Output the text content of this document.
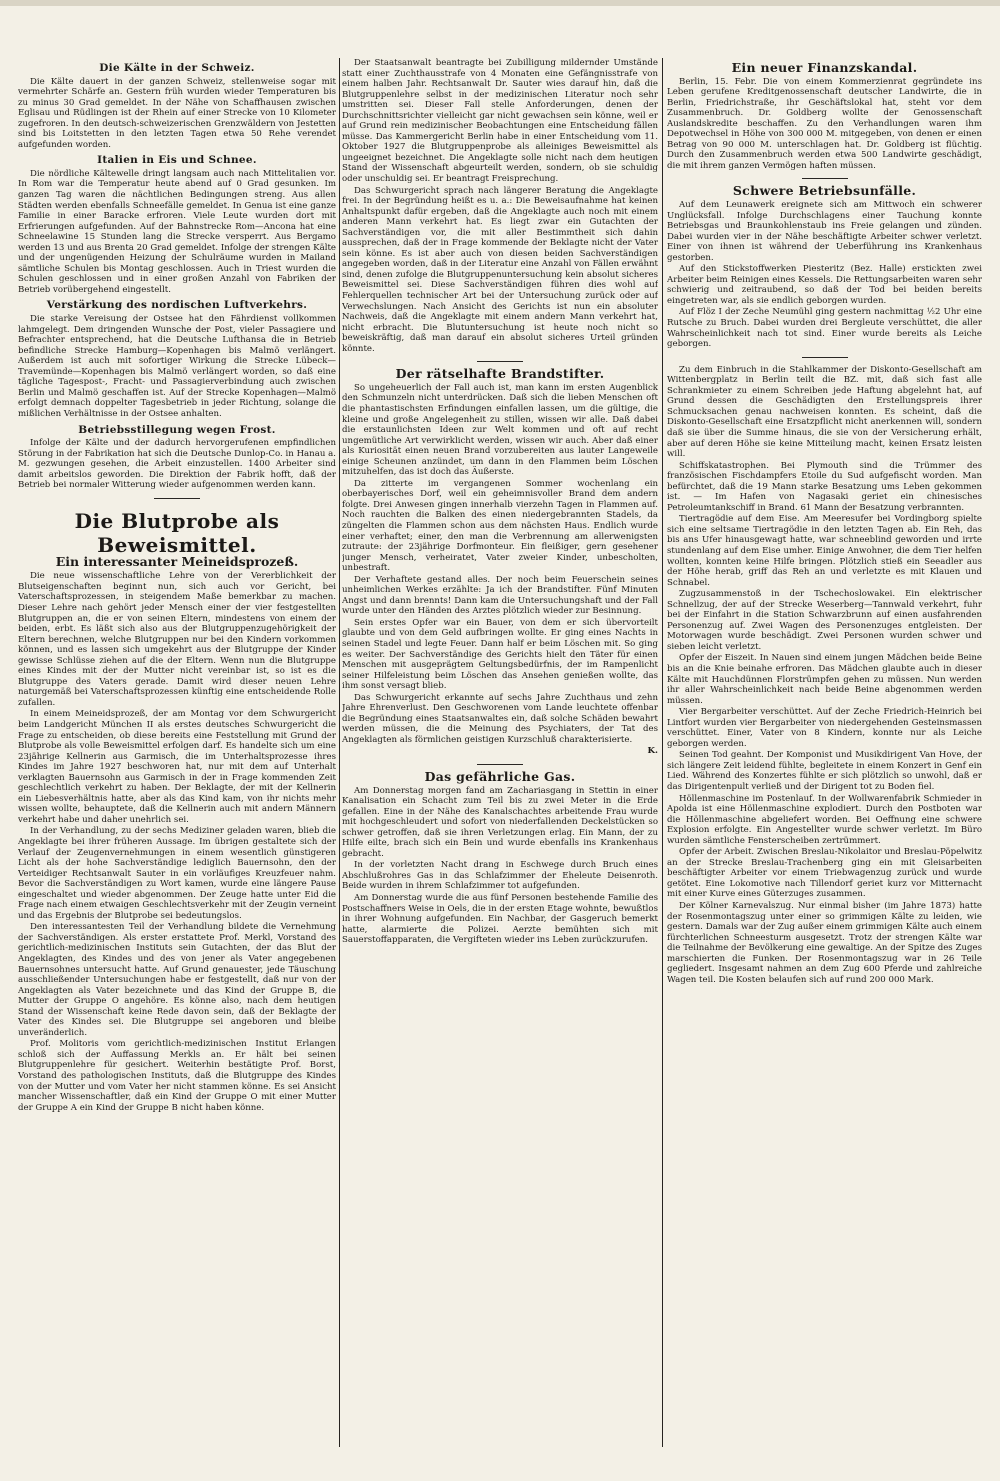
Die Kälte in der Schweiz.

Die Kälte dauert in der ganzen Schweiz, stellenweise sogar mit vermehrter Schärfe an. Gestern früh wurden wieder Temperaturen bis zu minus 30 Grad gemeldet. In der Nähe von Schaffhausen zwischen Eglisau und Rüdlingen ist der Rhein auf einer Strecke von 10 Kilometer zugefroren. In den deutsch-schweizerischen Grenzwäldern von Jestetten sind bis Loitstetten in den letzten Tagen etwa 50 Rehe verendet aufgefunden worden.

Italien in Eis und Schnee.

Die nördliche Kältewelle dringt langsam auch nach Mittelitalien vor. In Rom war die Temperatur heute abend auf 0 Grad gesunken. Im ganzen Tag waren die nächtlichen Bedingungen streng. Aus allen Städten werden ebenfalls Schneefälle gemeldet. In Genua ist eine ganze Familie in einer Baracke erfroren. Viele Leute wurden dort mit Erfrierungen aufgefunden. Auf der Bahnstrecke Rom—Ancona hat eine Schneelawine 15 Stunden lang die Strecke versperrt. Aus Bergamo werden 13 und aus Brenta 20 Grad gemeldet. Infolge der strengen Kälte und der ungenügenden Heizung der Schulräume wurden in Mailand sämtliche Schulen bis Montag geschlossen. Auch in Triest wurden die Schulen geschlossen und in einer großen Anzahl von Fabriken der Betrieb vorübergehend eingestellt.

Verstärkung des nordischen Luftverkehrs.

Die starke Vereisung der Ostsee hat den Fährdienst vollkommen lahmgelegt. Dem dringenden Wunsche der Post, vieler Passagiere und Befrachter entsprechend, hat die Deutsche Lufthansa die in Betrieb befindliche Strecke Hamburg—Kopenhagen bis Malmö verlängert. Außerdem ist auch mit sofortiger Wirkung die Strecke Lübeck—Travemünde—Kopenhagen bis Malmö verlängert worden, so daß eine tägliche Tagespost-, Fracht- und Passagierverbindung auch zwischen Berlin und Malmö geschaffen ist. Auf der Strecke Kopenhagen—Malmö erfolgt demnach doppelter Tagesbetrieb in jeder Richtung, solange die mißlichen Verhältnisse in der Ostsee anhalten.

Betriebsstillegung wegen Frost.

Infolge der Kälte und der dadurch hervorgerufenen empfindlichen Störung in der Fabrikation hat sich die Deutsche Dunlop-Co. in Hanau a. M. gezwungen gesehen, die Arbeit einzustellen. 1400 Arbeiter sind damit arbeitslos geworden. Die Direktion der Fabrik hofft, daß der Betrieb bei normaler Witterung wieder aufgenommen werden kann.

Die Blutprobe als Beweismittel.
Ein interessanter Meineidsprozeß.

Die neue wissenschaftliche Lehre von der Vererblichkeit der Blutseigenschaften beginnt nun, sich auch vor Gericht, bei Vaterschaftsprozessen, in steigendem Maße bemerkbar zu machen. Dieser Lehre nach gehört jeder Mensch einer der vier festgestellten Blutgruppen an, die er von seinen Eltern, mindestens von einem der beiden, erbt. Es läßt sich also aus der Blutgruppenzugehörigkeit der Eltern berechnen, welche Blutgruppen nur bei den Kindern vorkommen können, und es lassen sich umgekehrt aus der Blutgruppe der Kinder gewisse Schlüsse ziehen auf die der Eltern. Wenn nun die Blutgruppe eines Kindes mit der der Mutter nicht vereinbar ist, so ist es die Blutgruppe des Vaters gerade. Damit wird dieser neuen Lehre naturgemäß bei Vaterschaftsprozessen künftig eine entscheidende Rolle zufallen.

In einem Meineidsprozeß, der am Montag vor dem Schwurgericht beim Landgericht München II als erstes deutsches Schwurgericht die Frage zu entscheiden, ob diese bereits eine Feststellung mit Grund der Blutprobe als volle Beweismittel erfolgen darf. Es handelte sich um eine 23jährige Kellnerin aus Garmisch, die im Unterhaltsprozesse ihres Kindes im Jahre 1927 beschworen hat, nur mit dem auf Unterhalt verklagten Bauernsohn aus Garmisch in der in Frage kommenden Zeit geschlechtlich verkehrt zu haben. Der Beklagte, der mit der Kellnerin ein Liebesverhältnis hatte, aber als das Kind kam, von ihr nichts mehr wissen wollte, behauptete, daß die Kellnerin auch mit andern Männern verkehrt habe und daher unehrlich sei.

In der Verhandlung, zu der sechs Mediziner geladen waren, blieb die Angeklagte bei ihrer früheren Aussage. Im übrigen gestaltete sich der Verlauf der Zeugenvernehmungen in einem wesentlich günstigeren Licht als der hohe Sachverständige lediglich Bauernsohn, den der Verteidiger Rechtsanwalt Sauter in ein vorläufiges Kreuzfeuer nahm. Bevor die Sachverständigen zu Wort kamen, wurde eine längere Pause eingeschaltet und wieder abgenommen. Der Zeuge hatte unter Eid die Frage nach einem etwaigen Geschlechtsverkehr mit der Zeugin verneint und das Ergebnis der Blutprobe sei bedeutungslos.

Den interessantesten Teil der Verhandlung bildete die Vernehmung der Sachverständigen. Als erster erstattete Prof. Merkl, Vorstand des gerichtlich-medizinischen Instituts sein Gutachten, der das Blut der Angeklagten, des Kindes und des von jener als Vater angegebenen Bauernsohnes untersucht hatte. Auf Grund genauester, jede Täuschung ausschließender Untersuchungen habe er festgestellt, daß nur von der Angeklagten als Vater bezeichnete und das Kind der Gruppe B, die Mutter der Gruppe O angehöre. Es könne also, nach dem heutigen Stand der Wissenschaft keine Rede davon sein, daß der Beklagte der Vater des Kindes sei. Die Blutgruppe sei angeboren und bleibe unveränderlich.

Prof. Molitoris vom gerichtlich-medizinischen Institut Erlangen schloß sich der Auffassung Merkls an. Er hält bei seinen Blutgruppenlehre für gesichert. Weiterhin bestätigte Prof. Borst, Vorstand des pathologischen Instituts, daß die Blutgruppe des Kindes von der Mutter und vom Vater her nicht stammen könne. Es sei Ansicht mancher Wissenschaftler, daß ein Kind der Gruppe O mit einer Mutter der Gruppe A ein Kind der Gruppe B nicht haben könne.

Der Staatsanwalt beantragte bei Zubilligung mildernder Umstände statt einer Zuchthausstrafe von 4 Monaten eine Gefängnisstrafe von einem halben Jahr. Rechtsanwalt Dr. Sauter wies darauf hin, daß die Blutgruppenlehre selbst in der medizinischen Literatur noch sehr umstritten sei. Dieser Fall stelle Anforderungen, denen der Durchschnittsrichter vielleicht gar nicht gewachsen sein könne, weil er auf Grund rein medizinischer Beobachtungen eine Entscheidung fällen müsse. Das Kammergericht Berlin habe in einer Entscheidung vom 11. Oktober 1927 die Blutgruppenprobe als alleiniges Beweismittel als ungeeignet bezeichnet. Die Angeklagte solle nicht nach dem heutigen Stand der Wissenschaft abgeurteilt werden, sondern, ob sie schuldig oder unschuldig sei. Er beantragt Freisprechung.

Das Schwurgericht sprach nach längerer Beratung die Angeklagte frei. In der Begründung heißt es u. a.: Die Beweisaufnahme hat keinen Anhaltspunkt dafür ergeben, daß die Angeklagte auch noch mit einem anderen Mann verkehrt hat. Es liegt zwar ein Gutachten der Sachverständigen vor, die mit aller Bestimmtheit sich dahin aussprechen, daß der in Frage kommende der Beklagte nicht der Vater sein könne. Es ist aber auch von diesen beiden Sachverständigen angegeben worden, daß in der Literatur eine Anzahl von Fällen erwähnt sind, denen zufolge die Blutgruppenuntersuchung kein absolut sicheres Beweismittel sei. Diese Sachverständigen führen dies wohl auf Fehlerquellen technischer Art bei der Untersuchung zurück oder auf Verwechslungen. Nach Ansicht des Gerichts ist nun ein absoluter Nachweis, daß die Angeklagte mit einem andern Mann verkehrt hat, nicht erbracht. Die Blutuntersuchung ist heute noch nicht so beweiskräftig, daß man darauf ein absolut sicheres Urteil gründen könnte.

Der rätselhafte Brandstifter.

So ungeheuerlich der Fall auch ist, man kann im ersten Augenblick den Schmunzeln nicht unterdrücken. Daß sich die lieben Menschen oft die phantastischsten Erfindungen einfallen lassen, um die gültige, die kleine und große Angelegenheit zu stillen, wissen wir alle. Daß dabei die erstaunlichsten Ideen zur Welt kommen und oft auf recht ungemütliche Art verwirklicht werden, wissen wir auch. Aber daß einer als Kuriosität einen neuen Brand vorzubereiten aus lauter Langeweile einige Scheunen anzündet, um dann in den Flammen beim Löschen mitzuhelfen, das ist doch das Äußerste.

Da zitterte im vergangenen Sommer wochenlang ein oberbayerisches Dorf, weil ein geheimnisvoller Brand dem andern folgte. Drei Anwesen gingen innerhalb vierzehn Tagen in Flammen auf. Noch rauchten die Balken des einen niedergebrannten Stadels, da züngelten die Flammen schon aus dem nächsten Haus. Endlich wurde einer verhaftet; einer, den man die Verbrennung am allerwenigsten zutraute: der 23jährige Dorfmonteur. Ein fleißiger, gern gesehener junger Mensch, verheiratet, Vater zweier Kinder, unbescholten, unbestraft.

Der Verhaftete gestand alles. Der noch beim Feuerschein seines unheimlichen Werkes erzählte: Ja ich der Brandstifter. Fünf Minuten Angst und dann brennts! Dann kam die Untersuchungshaft und der Fall wurde unter den Händen des Arztes plötzlich wieder zur Besinnung.

Sein erstes Opfer war ein Bauer, von dem er sich übervorteilt glaubte und von dem Geld aufbringen wollte. Er ging eines Nachts in seinen Stadel und legte Feuer. Dann half er beim Löschen mit. So ging es weiter. Der Sachverständige des Gerichts hielt den Täter für einen Menschen mit ausgeprägtem Geltungsbedürfnis, der im Rampenlicht seiner Hilfeleistung beim Löschen das Ansehen genießen wollte, das ihm sonst versagt blieb.

Das Schwurgericht erkannte auf sechs Jahre Zuchthaus und zehn Jahre Ehrenverlust. Den Geschworenen vom Lande leuchtete offenbar die Begründung eines Staatsanwaltes ein, daß solche Schäden bewahrt werden müssen, die die Meinung des Psychiaters, der Tat des Angeklagten als förmlichen geistigen Kurzschluß charakterisierte.

K.
Das gefährliche Gas.

Am Donnerstag morgen fand am Zachariasgang in Stettin in einer Kanalisation ein Schacht zum Teil bis zu zwei Meter in die Erde gefallen. Eine in der Nähe des Kanalschachtes arbeitende Frau wurde mit hochgeschleudert und sofort von niederfallenden Deckelstücken so schwer getroffen, daß sie ihren Verletzungen erlag. Ein Mann, der zu Hilfe eilte, brach sich ein Bein und wurde ebenfalls ins Krankenhaus gebracht.

In der vorletzten Nacht drang in Eschwege durch Bruch eines Abschlußrohres Gas in das Schlafzimmer der Eheleute Deisenroth. Beide wurden in ihrem Schlafzimmer tot aufgefunden.

Am Donnerstag wurde die aus fünf Personen bestehende Familie des Postschaffners Weise in Oels, die in der ersten Etage wohnte, bewußtlos in ihrer Wohnung aufgefunden. Ein Nachbar, der Gasgeruch bemerkt hatte, alarmierte die Polizei. Aerzte bemühten sich mit Sauerstoffapparaten, die Vergifteten wieder ins Leben zurückzurufen.

Ein neuer Finanzskandal.

Berlin, 15. Febr. Die von einem Kommerzienrat gegründete ins Leben gerufene Kreditgenossenschaft deutscher Landwirte, die in Berlin, Friedrichstraße, ihr Geschäftslokal hat, steht vor dem Zusammenbruch. Dr. Goldberg wollte der Genossenschaft Auslandskredite beschaffen. Zu den Verhandlungen waren ihm Depotwechsel in Höhe von 300 000 M. mitgegeben, von denen er einen Betrag von 90 000 M. unterschlagen hat. Dr. Goldberg ist flüchtig. Durch den Zusammenbruch werden etwa 500 Landwirte geschädigt, die mit ihrem ganzen Vermögen haften müssen.

Schwere Betriebsunfälle.

Auf dem Leunawerk ereignete sich am Mittwoch ein schwerer Unglücksfall. Infolge Durchschlagens einer Tauchung konnte Betriebsgas und Braunkohlenstaub ins Freie gelangen und zünden. Dabei wurden vier in der Nähe beschäftigte Arbeiter schwer verletzt. Einer von ihnen ist während der Ueberführung ins Krankenhaus gestorben.

Auf den Stickstoffwerken Piesteritz (Bez. Halle) erstickten zwei Arbeiter beim Reinigen eines Kessels. Die Rettungsarbeiten waren sehr schwierig und zeitraubend, so daß der Tod bei beiden bereits eingetreten war, als sie endlich geborgen wurden.

Auf Flöz I der Zeche Neumühl ging gestern nachmittag ½2 Uhr eine Rutsche zu Bruch. Dabei wurden drei Bergleute verschüttet, die aller Wahrscheinlichkeit nach tot sind. Einer wurde bereits als Leiche geborgen.

Zu dem Einbruch in die Stahlkammer der Diskonto-Gesellschaft am Wittenbergplatz in Berlin teilt die BZ. mit, daß sich fast alle Schrankmieter zu einem Schreiben jede Haftung abgelehnt hat, auf Grund dessen die Geschädigten den Erstellungspreis ihrer Schmucksachen genau nachweisen konnten. Es scheint, daß die Diskonto-Gesellschaft eine Ersatzpflicht nicht anerkennen will, sondern daß sie über die Summe hinaus, die sie von der Versicherung erhält, aber auf deren Höhe sie keine Mitteilung macht, keinen Ersatz leisten will.

Schiffskatastrophen. Bei Plymouth sind die Trümmer des französischen Fischdampfers Etoile du Sud aufgefischt worden. Man befürchtet, daß die 19 Mann starke Besatzung ums Leben gekommen ist. — Im Hafen von Nagasaki geriet ein chinesisches Petroleumtankschiff in Brand. 61 Mann der Besatzung verbrannten.

Tiertragödie auf dem Eise. Am Meeresufer bei Vordingborg spielte sich eine seltsame Tiertragödie in den letzten Tagen ab. Ein Reh, das bis ans Ufer hinausgewagt hatte, war schneeblind geworden und irrte stundenlang auf dem Eise umher. Einige Anwohner, die dem Tier helfen wollten, konnten keine Hilfe bringen. Plötzlich stieß ein Seeadler aus der Höhe herab, griff das Reh an und verletzte es mit Klauen und Schnabel.

Zugzusammenstoß in der Tschechoslowakei. Ein elektrischer Schnellzug, der auf der Strecke Weserberg—Tannwald verkehrt, fuhr bei der Einfahrt in die Station Schwarzbrunn auf einen ausfahrenden Personenzug auf. Zwei Wagen des Personenzuges entgleisten. Der Motorwagen wurde beschädigt. Zwei Personen wurden schwer und sieben leicht verletzt.

Opfer der Eiszeit. In Nauen sind einem jungen Mädchen beide Beine bis an die Knie beinahe erfroren. Das Mädchen glaubte auch in dieser Kälte mit Hauchdünnen Florstrümpfen gehen zu müssen. Nun werden ihr aller Wahrscheinlichkeit nach beide Beine abgenommen werden müssen.

Vier Bergarbeiter verschüttet. Auf der Zeche Friedrich-Heinrich bei Lintfort wurden vier Bergarbeiter von niedergehenden Gesteinsmassen verschüttet. Einer, Vater von 8 Kindern, konnte nur als Leiche geborgen werden.

Seinen Tod geahnt. Der Komponist und Musikdirigent Van Hove, der sich längere Zeit leidend fühlte, begleitete in einem Konzert in Genf ein Lied. Während des Konzertes fühlte er sich plötzlich so unwohl, daß er das Dirigentenpult verließ und der Dirigent tot zu Boden fiel.

Höllenmaschine im Postenlauf. In der Wollwarenfabrik Schmieder in Apolda ist eine Höllenmaschine explodiert. Durch den Postboten war die Höllenmaschine abgeliefert worden. Bei Oeffnung eine schwere Explosion erfolgte. Ein Angestellter wurde schwer verletzt. Im Büro wurden sämtliche Fensterscheiben zertrümmert.

Opfer der Arbeit. Zwischen Breslau-Nikolaitor und Breslau-Pöpelwitz an der Strecke Breslau-Trachenberg ging ein mit Gleisarbeiten beschäftigter Arbeiter vor einem Triebwagenzug zurück und wurde getötet. Eine Lokomotive nach Tillendorf geriet kurz vor Mitternacht mit einer Kurve eines Güterzuges zusammen.

Der Kölner Karnevalszug. Nur einmal bisher (im Jahre 1873) hatte der Rosenmontagszug unter einer so grimmigen Kälte zu leiden, wie gestern. Damals war der Zug außer einem grimmigen Kälte auch einem fürchterlichen Schneesturm ausgesetzt. Trotz der strengen Kälte war die Teilnahme der Bevölkerung eine gewaltige. An der Spitze des Zuges marschierten die Funken. Der Rosenmontagszug war in 26 Teile gegliedert. Insgesamt nahmen an dem Zug 600 Pferde und zahlreiche Wagen teil. Die Kosten belaufen sich auf rund 200 000 Mark.
